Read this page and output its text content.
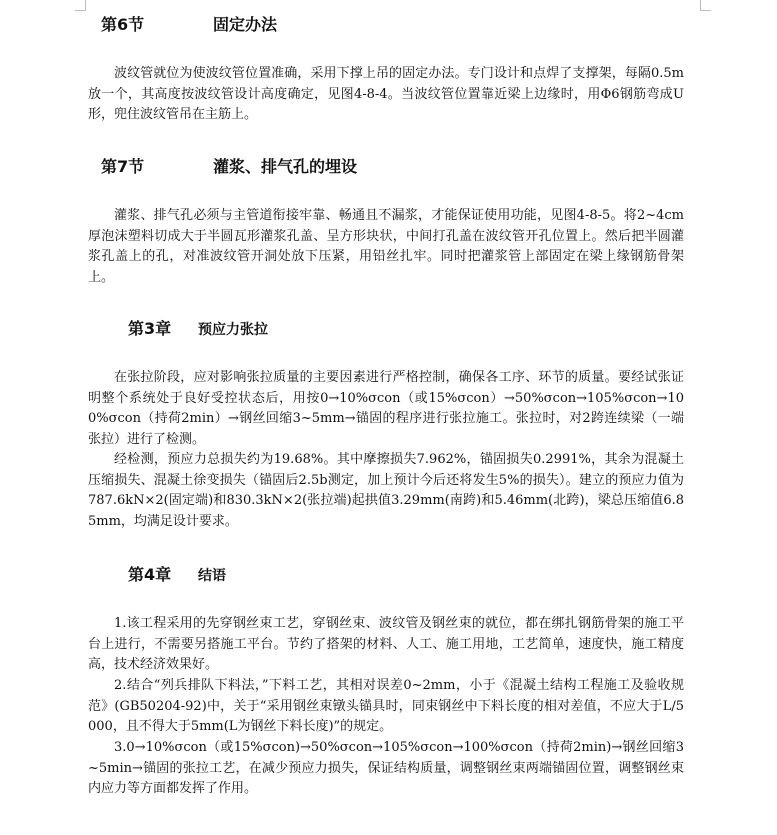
第6节	固定办法

波纹管就位为使波纹管位置准确，采用下撑上吊的固定办法。专门设计和点焊了支撑架，每隔0.5m放一个，其高度按波纹管设计高度确定，见图4-8-4。当波纹管位置靠近梁上边缘时，用Φ6钢筋弯成U形，兜住波纹管吊在主筋上。

第7节	灌浆、排气孔的埋设

灌浆、排气孔必须与主管道衔接牢靠、畅通且不漏浆，才能保证使用功能，见图4-8-5。将2~4cm厚泡沫塑料切成大于半圆瓦形灌浆孔盖、呈方形块状，中间打孔盖在波纹管开孔位置上。然后把半圆灌浆孔盖上的孔，对准波纹管开洞处放下压紧，用铅丝扎牢。同时把灌浆管上部固定在梁上缘钢筋骨架上。

第3章 预应力张拉

在张拉阶段，应对影响张拉质量的主要因素进行严格控制，确保各工序、环节的质量。要经试张证明整个系统处于良好受控状态后，用按0→10%σcon（或15%σcon）→50%σcon→105%σcon→100%σcon（持荷2min）→钢丝回缩3~5mm→锚固的程序进行张拉施工。张拉时，对2跨连续梁（一端张拉）进行了检测。

经检测，预应力总损失约为19.68%。其中摩擦损失7.962%，锚固损失0.2991%，其余为混凝土压缩损失、混凝土徐变损失（锚固后2.5b测定，加上预计今后还将发生5%的损失）。建立的预应力值为787.6kN×2(固定端)和830.3kN×2(张拉端)起拱值3.29mm(南跨)和5.46mm(北跨)，梁总压缩值6.85mm，均满足设计要求。

第4章 结语

1.该工程采用的先穿钢丝束工艺，穿钢丝束、波纹管及钢丝束的就位，都在绑扎钢筋骨架的施工平台上进行，不需要另搭施工平台。节约了搭架的材料、人工、施工用地，工艺简单，速度快，施工精度高，技术经济效果好。

2.结合“列兵排队下料法，”下料工艺，其相对误差0~2mm，小于《混凝土结构工程施工及验收规范》(GB50204-92)中，关于“采用钢丝束镦头锚具时，同束钢丝中下料长度的相对差值，不应大于L/5000，且不得大于5mm(L为钢丝下料长度)”的规定。

3.0→10%σcon（或15%σcon)→50%σcon→105%σcon→100%σcon（持荷2min)→钢丝回缩3~5min→锚固的张拉工艺，在减少预应力损失，保证结构质量，调整钢丝束两端锚固位置，调整钢丝束内应力等方面都发挥了作用。
